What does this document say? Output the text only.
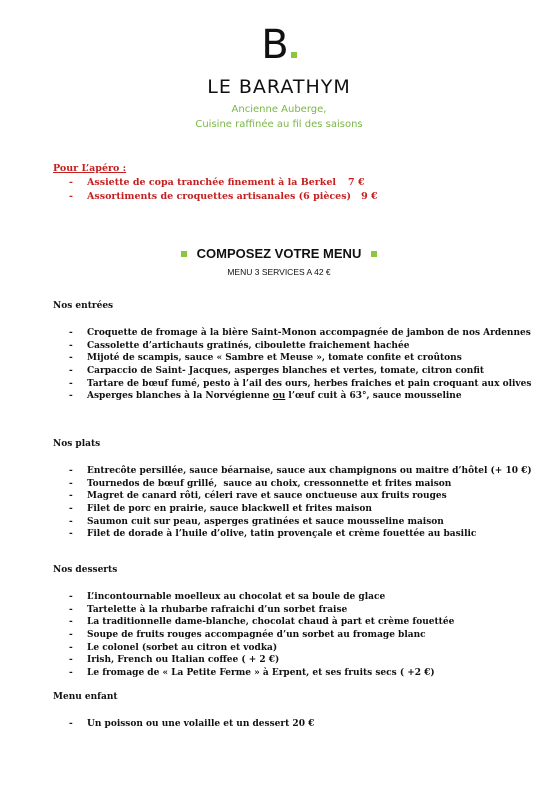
B
LE BARATHYM
Ancienne Auberge,
Cuisine raffinée au fil des saisons
Pour L’apéro :
-	Assiette de copa tranchée finement à la Berkel 7 €
-	Assortiments de croquettes artisanales (6 pièces) 9 €
COMPOSEZ VOTRE MENU
MENU 3 SERVICES A 42 €
Nos entrées
-	Croquette de fromage à la bière Saint-Monon accompagnée de jambon de nos Ardennes
-	Cassolette d’artichauts gratinés, ciboulette fraichement hachée
-	Mijoté de scampis, sauce « Sambre et Meuse », tomate confite et croûtons
-	Carpaccio de Saint- Jacques, asperges blanches et vertes, tomate, citron confit
-	Tartare de bœuf fumé, pesto à l’ail des ours, herbes fraiches et pain croquant aux olives
-	Asperges blanches à la Norvégienne ou l’œuf cuit à 63°, sauce mousseline
Nos plats
-	Entrecôte persillée, sauce béarnaise, sauce aux champignons ou maitre d’hôtel (+ 10 €)
-	Tournedos de bœuf grillé,  sauce au choix, cressonnette et frites maison
-	Magret de canard rôti, céleri rave et sauce onctueuse aux fruits rouges
-	Filet de porc en prairie, sauce blackwell et frites maison
-	Saumon cuit sur peau, asperges gratinées et sauce mousseline maison
-	Filet de dorade à l’huile d’olive, tatin provençale et crème fouettée au basilic
Nos desserts
-	L’incontournable moelleux au chocolat et sa boule de glace
-	Tartelette à la rhubarbe rafraichi d’un sorbet fraise
-	La traditionnelle dame-blanche, chocolat chaud à part et crème fouettée
-	Soupe de fruits rouges accompagnée d’un sorbet au fromage blanc
-	Le colonel (sorbet au citron et vodka)
-	Irish, French ou Italian coffee ( + 2 €)
-	Le fromage de « La Petite Ferme » à Erpent, et ses fruits secs ( +2 €)
Menu enfant
-	Un poisson ou une volaille et un dessert 20 €
